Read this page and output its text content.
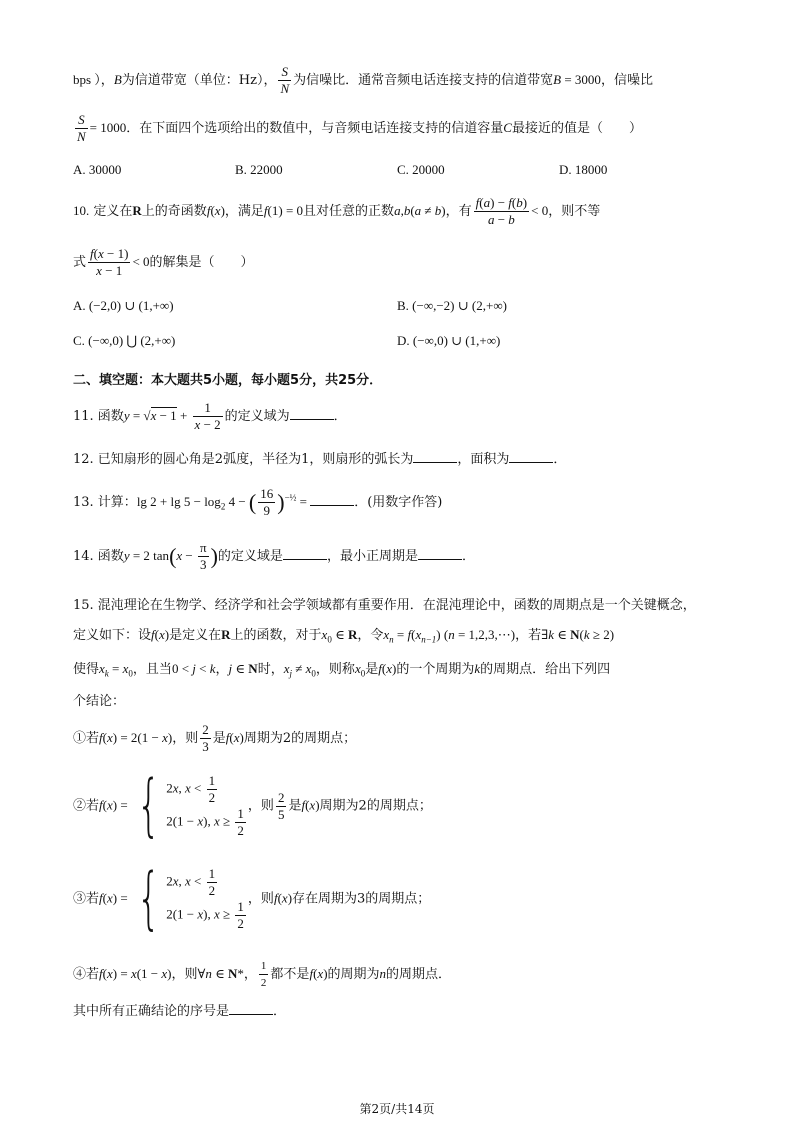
bps ），B为信道带宽（单位：Hz）， $\frac{S}{N}$ 为信噪比．通常音频电话连接支持的信道带宽B = 3000，信噪比
$\frac{S}{N} = 1000$．在下面四个选项给出的数值中，与音频电话连接支持的信道容量C最接近的值是（　　）
A. 30000	B. 22000	C. 20000	D. 18000
10. 定义在R上的奇函数f(x)，满足f(1) = 0且对任意的正数a,b(a ≠ b)，有 $\frac{f(a) - f(b)}{a - b} < 0$，则不等
式 $\frac{f(x - 1)}{x - 1} < 0$的解集是（　　）
A. (−2,0) ∪ (1,+∞)	B. (−∞,−2) ∪ (2,+∞)
C. (−∞,0) ⋃ (2,+∞)	D. (−∞,0) ∪ (1,+∞)
二、填空题：本大题共5小题，每小题5分，共25分．
11. 函数$y = √x - 1 + \frac{1}{x - 2}$ 的定义域为	．
12. 已知扇形的圆心角是2弧度，半径为1，则扇形的弧长为	，面积为	．
13. 计算：$\lg 2 + \lg 5 - \log_2 4$ − ( $\frac{16}{9} )^{-\frac{1}{2}}$ =	．(用数字作答)
14. 函数y = 2 $\tan(x - \frac{\pi}{3}$ )的定义域是	，最小正周期是	．
15. 混沌理论在生物学、经济学和社会学领域都有重要作用．在混沌理论中，函数的周期点是一个关键概念，
定义如下：设f(x)是定义在R上的函数，对于$x_0$ ∈ R，令$x_n = f(x_{n-1}) (n$ = 1,2,3,⋯)，若∃k ∈ N(k ≥ 2)
使得$x_k = x_0$，且当0 < j < k，j ∈ N时，$x_j \ne x_0$，则称$x_0$是f(x)的一个周期为k的周期点．给出下列四
个结论：
①若f(x) = 2(1 − x)，则 $\frac{2}{3}$ 是f(x)周期为2的周期点；
②若f(x) = { 2x, $x < \frac{1}{2}$
2(1 − x), $x \ge \frac{1}{2}$ ，则 $\frac{2}{5}$ 是f(x)周期为2的周期点；
③若f(x) = { 2x, $x < \frac{1}{2}$
2(1 − x), $x \ge \frac{1}{2}$ ，则f(x)存在周期为3的周期点；
④若f(x) = x(1 − x)，则∀n ∈ N*， $\frac{1}{2}$ 都不是f(x)的周期为n的周期点．
其中所有正确结论的序号是	．
第2页/共14页
